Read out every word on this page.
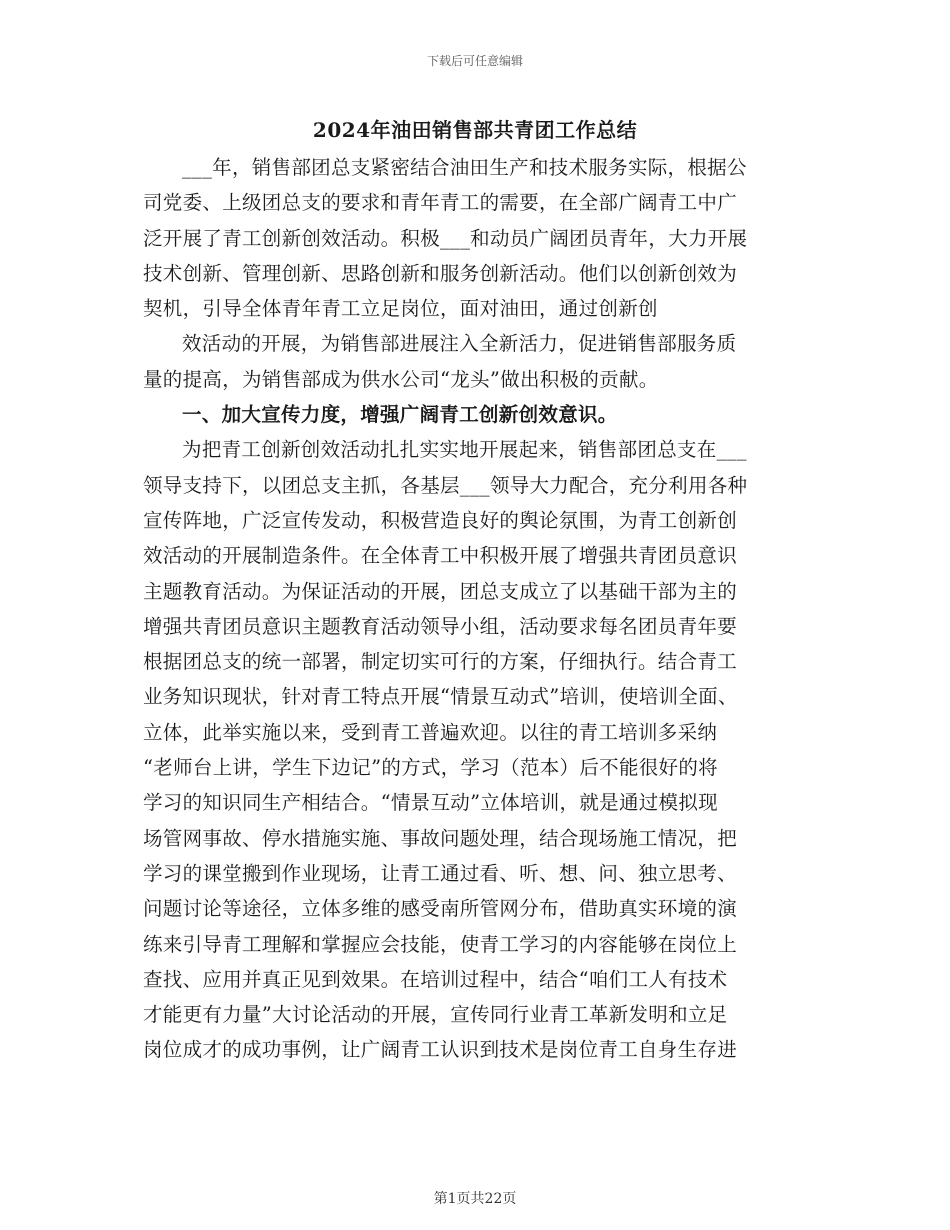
下载后可任意编辑
2024年油田销售部共青团工作总结
___年，销售部团总支紧密结合油田生产和技术服务实际，根据公
司党委、上级团总支的要求和青年青工的需要，在全部广阔青工中广
泛开展了青工创新创效活动。积极___和动员广阔团员青年，大力开展
技术创新、管理创新、思路创新和服务创新活动。他们以创新创效为
契机，引导全体青年青工立足岗位，面对油田，通过创新创
效活动的开展，为销售部进展注入全新活力，促进销售部服务质
量的提高，为销售部成为供水公司“龙头”做出积极的贡献。
一、加大宣传力度，增强广阔青工创新创效意识。
为把青工创新创效活动扎扎实实地开展起来，销售部团总支在___
领导支持下，以团总支主抓，各基层___领导大力配合，充分利用各种
宣传阵地，广泛宣传发动，积极营造良好的舆论氛围，为青工创新创
效活动的开展制造条件。在全体青工中积极开展了增强共青团员意识
主题教育活动。为保证活动的开展，团总支成立了以基础干部为主的
增强共青团员意识主题教育活动领导小组，活动要求每名团员青年要
根据团总支的统一部署，制定切实可行的方案，仔细执行。结合青工
业务知识现状，针对青工特点开展“情景互动式”培训，使培训全面、
立体，此举实施以来，受到青工普遍欢迎。以往的青工培训多采纳
“老师台上讲，学生下边记”的方式，学习（范本）后不能很好的将
学习的知识同生产相结合。“情景互动”立体培训，就是通过模拟现
场管网事故、停水措施实施、事故问题处理，结合现场施工情况，把
学习的课堂搬到作业现场，让青工通过看、听、想、问、独立思考、
问题讨论等途径，立体多维的感受南所管网分布，借助真实环境的演
练来引导青工理解和掌握应会技能，使青工学习的内容能够在岗位上
查找、应用并真正见到效果。在培训过程中，结合“咱们工人有技术
才能更有力量”大讨论活动的开展，宣传同行业青工革新发明和立足
岗位成才的成功事例，让广阔青工认识到技术是岗位青工自身生存进
第1页共22页
